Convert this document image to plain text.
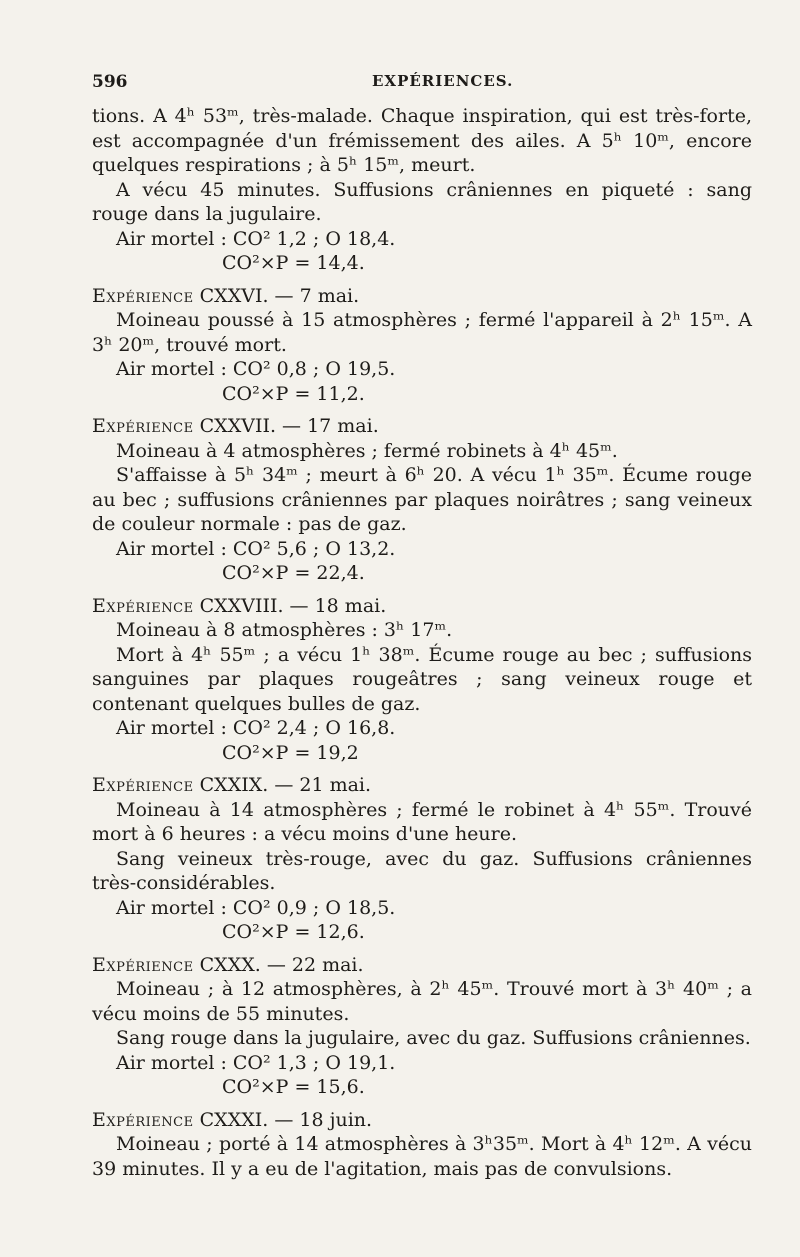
596	EXPÉRIENCES.

tions. A 4ʰ 53ᵐ, très-malade. Chaque inspiration, qui est très-forte, est accompagnée d'un frémissement des ailes. A 5ʰ 10ᵐ, encore quelques respirations ; à 5ʰ 15ᵐ, meurt.

A vécu 45 minutes. Suffusions crâniennes en piqueté : sang rouge dans la jugulaire.

Air mortel : CO² 1,2 ; O 18,4.

CO²×P = 14,4.

Expérience CXXVI. — 7 mai.

Moineau poussé à 15 atmosphères ; fermé l'appareil à 2ʰ 15ᵐ. A 3ʰ 20ᵐ, trouvé mort.

Air mortel : CO² 0,8 ; O 19,5.

CO²×P = 11,2.

Expérience CXXVII. — 17 mai.

Moineau à 4 atmosphères ; fermé robinets à 4ʰ 45ᵐ.

S'affaisse à 5ʰ 34ᵐ ; meurt à 6ʰ 20. A vécu 1ʰ 35ᵐ. Écume rouge au bec ; suffusions crâniennes par plaques noirâtres ; sang veineux de couleur normale : pas de gaz.

Air mortel : CO² 5,6 ; O 13,2.

CO²×P = 22,4.

Expérience CXXVIII. — 18 mai.

Moineau à 8 atmosphères : 3ʰ 17ᵐ.

Mort à 4ʰ 55ᵐ ; a vécu 1ʰ 38ᵐ. Écume rouge au bec ; suffusions sanguines par plaques rougeâtres ; sang veineux rouge et contenant quelques bulles de gaz.

Air mortel : CO² 2,4 ; O 16,8.

CO²×P = 19,2

Expérience CXXIX. — 21 mai.

Moineau à 14 atmosphères ; fermé le robinet à 4ʰ 55ᵐ. Trouvé mort à 6 heures : a vécu moins d'une heure.

Sang veineux très-rouge, avec du gaz. Suffusions crâniennes très-considérables.

Air mortel : CO² 0,9 ; O 18,5.

CO²×P = 12,6.

Expérience CXXX. — 22 mai.

Moineau ; à 12 atmosphères, à 2ʰ 45ᵐ. Trouvé mort à 3ʰ 40ᵐ ; a vécu moins de 55 minutes.

Sang rouge dans la jugulaire, avec du gaz. Suffusions crâniennes.

Air mortel : CO² 1,3 ; O 19,1.

CO²×P = 15,6.

Expérience CXXXI. — 18 juin.

Moineau ; porté à 14 atmosphères à 3ʰ35ᵐ. Mort à 4ʰ 12ᵐ. A vécu 39 minutes. Il y a eu de l'agitation, mais pas de convulsions.
